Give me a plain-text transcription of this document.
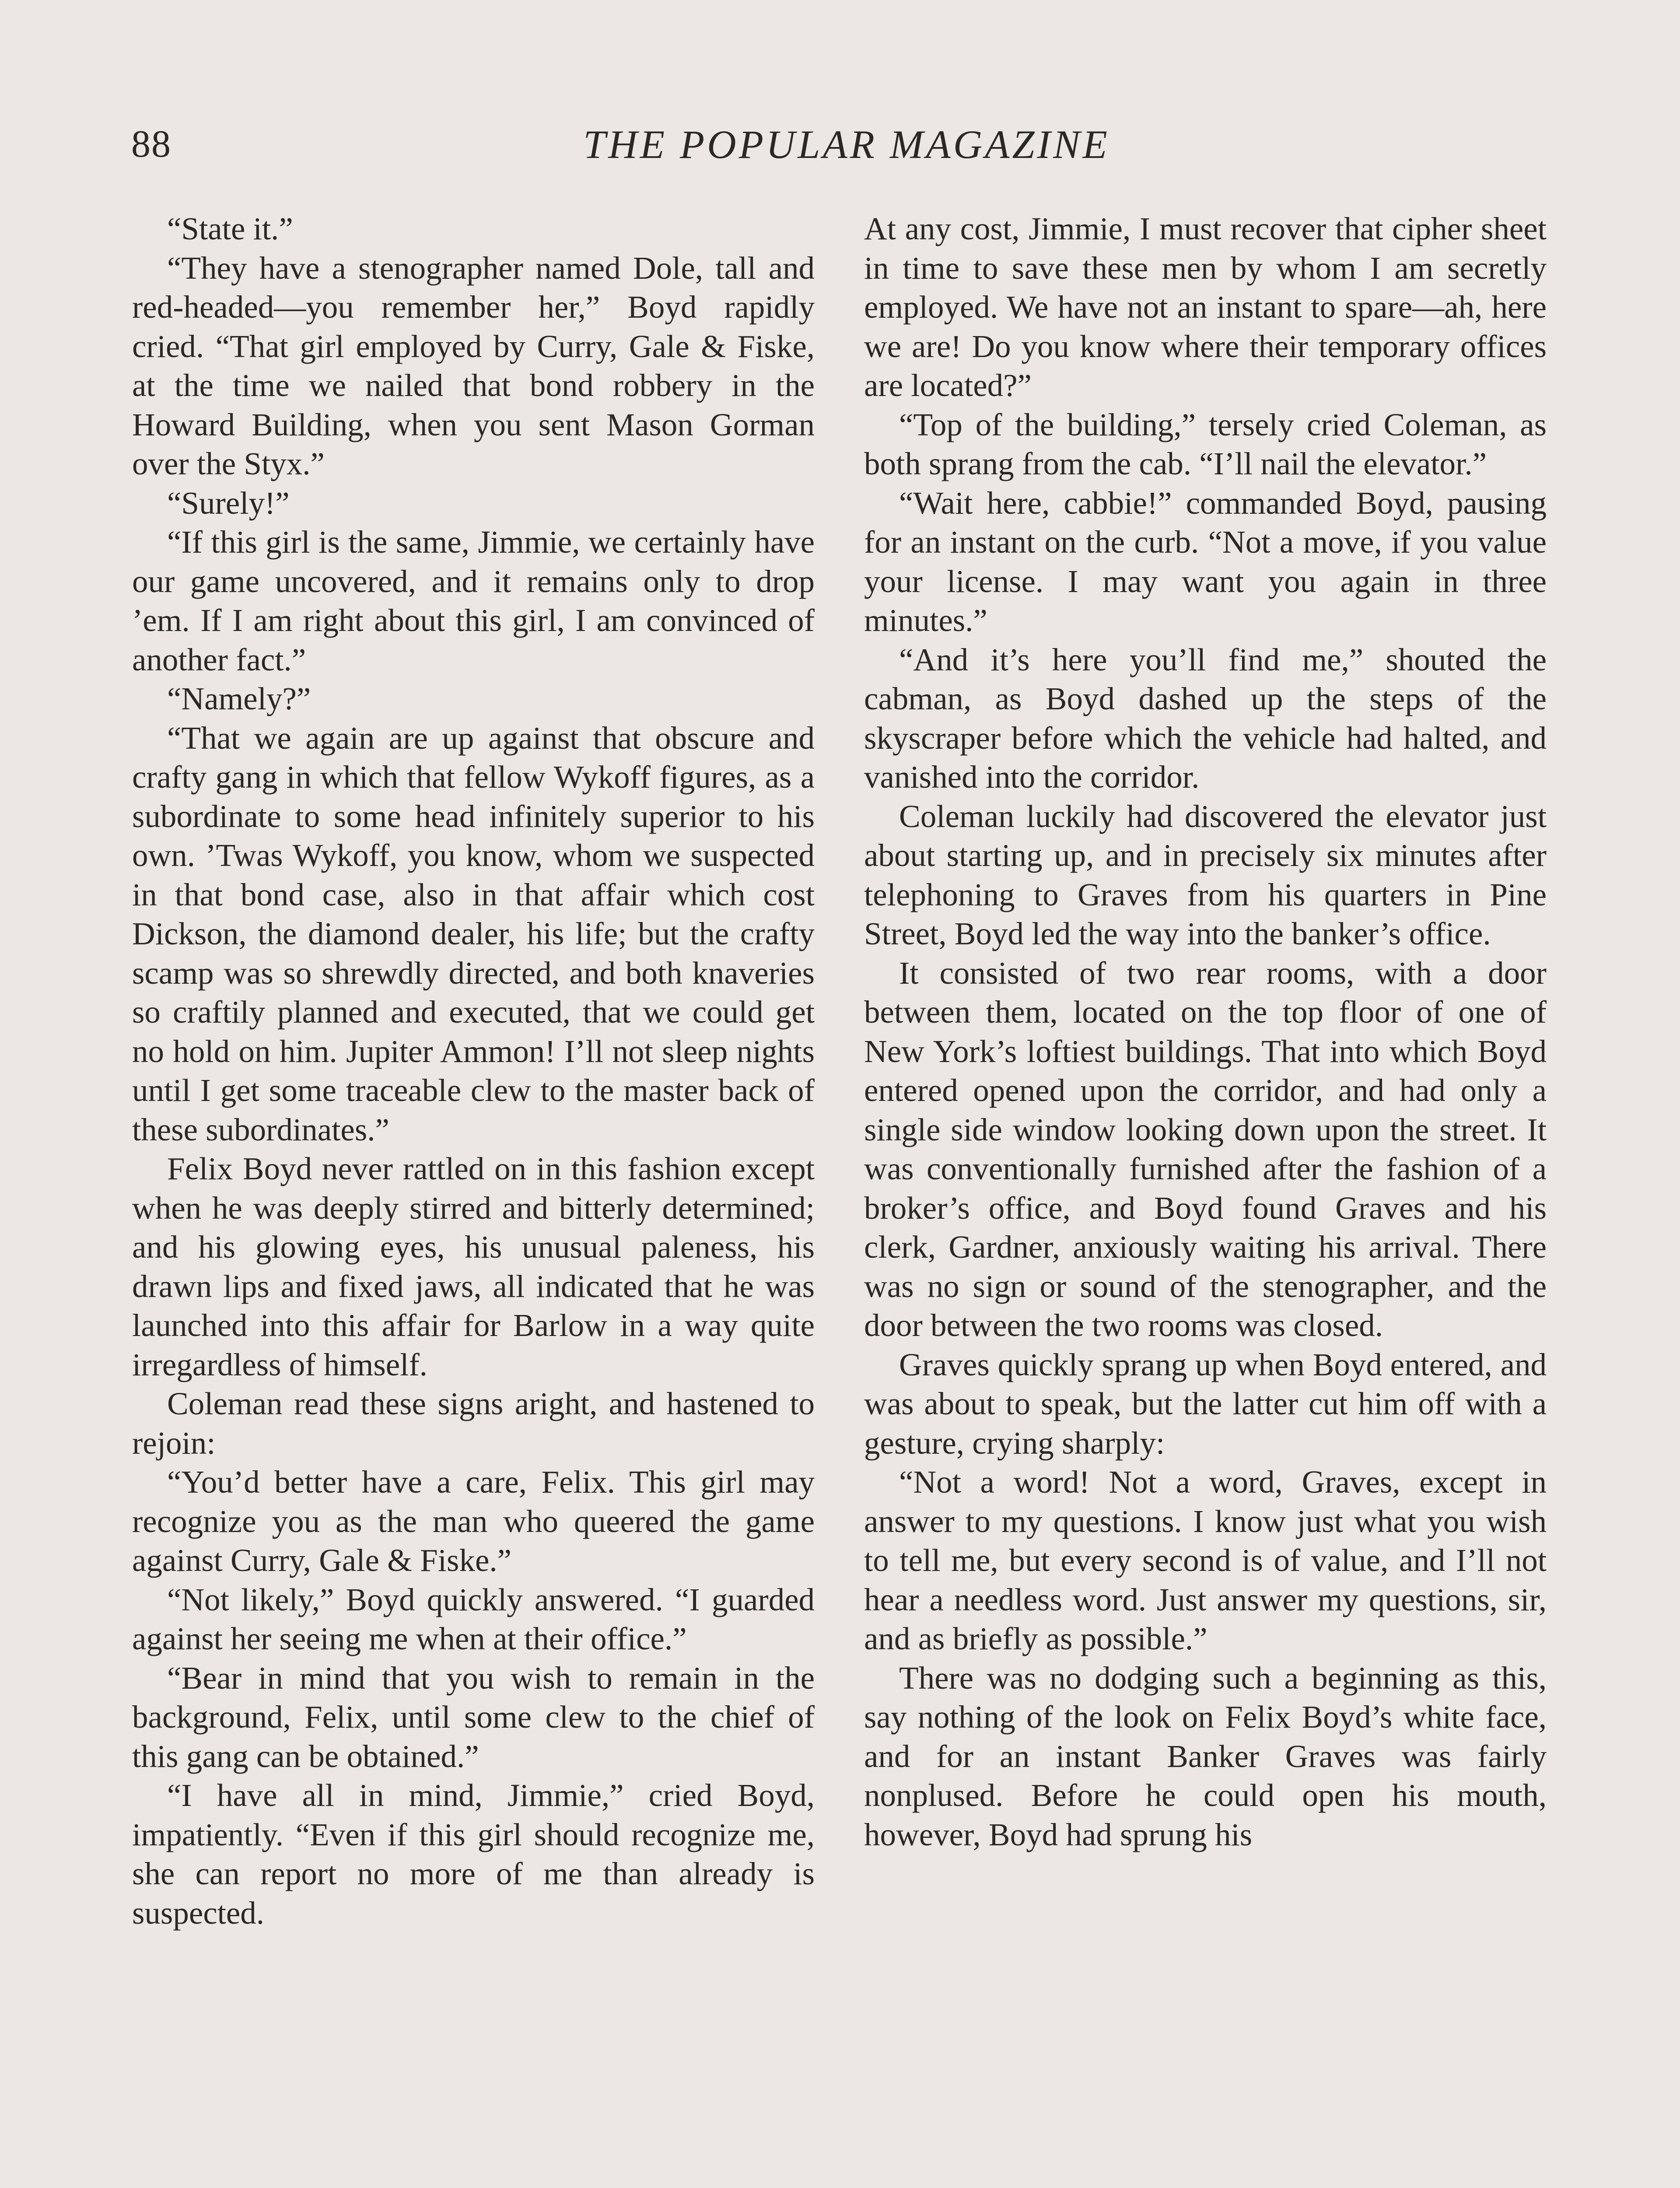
88	THE POPULAR MAGAZINE

“State it.”

“They have a stenographer named Dole, tall and red-headed—you remember her,” Boyd rapidly cried. “That girl employed by Curry, Gale & Fiske, at the time we nailed that bond robbery in the Howard Building, when you sent Mason Gorman over the Styx.”

“Surely!”

“If this girl is the same, Jimmie, we certainly have our game uncovered, and it remains only to drop ’em. If I am right about this girl, I am convinced of another fact.”

“Namely?”

“That we again are up against that obscure and crafty gang in which that fellow Wykoff figures, as a subordinate to some head infinitely superior to his own. ’Twas Wykoff, you know, whom we suspected in that bond case, also in that affair which cost Dickson, the diamond dealer, his life; but the crafty scamp was so shrewdly directed, and both knaveries so craftily planned and executed, that we could get no hold on him. Jupiter Ammon! I’ll not sleep nights until I get some traceable clew to the master back of these subordinates.”

Felix Boyd never rattled on in this fashion except when he was deeply stirred and bitterly determined; and his glowing eyes, his unusual paleness, his drawn lips and fixed jaws, all indicated that he was launched into this affair for Barlow in a way quite irregardless of himself.

Coleman read these signs aright, and hastened to rejoin:

“You’d better have a care, Felix. This girl may recognize you as the man who queered the game against Curry, Gale & Fiske.”

“Not likely,” Boyd quickly answered. “I guarded against her seeing me when at their office.”

“Bear in mind that you wish to remain in the background, Felix, until some clew to the chief of this gang can be obtained.”

“I have all in mind, Jimmie,” cried Boyd, impatiently. “Even if this girl should recognize me, she can report no more of me than already is suspected.

At any cost, Jimmie, I must recover that cipher sheet in time to save these men by whom I am secretly employed. We have not an instant to spare—ah, here we are! Do you know where their temporary offices are located?”

“Top of the building,” tersely cried Coleman, as both sprang from the cab. “I’ll nail the elevator.”

“Wait here, cabbie!” commanded Boyd, pausing for an instant on the curb. “Not a move, if you value your license. I may want you again in three minutes.”

“And it’s here you’ll find me,” shouted the cabman, as Boyd dashed up the steps of the skyscraper before which the vehicle had halted, and vanished into the corridor.

Coleman luckily had discovered the elevator just about starting up, and in precisely six minutes after telephoning to Graves from his quarters in Pine Street, Boyd led the way into the banker’s office.

It consisted of two rear rooms, with a door between them, located on the top floor of one of New York’s loftiest buildings. That into which Boyd entered opened upon the corridor, and had only a single side window looking down upon the street. It was conventionally furnished after the fashion of a broker’s office, and Boyd found Graves and his clerk, Gardner, anxiously waiting his arrival. There was no sign or sound of the stenographer, and the door between the two rooms was closed.

Graves quickly sprang up when Boyd entered, and was about to speak, but the latter cut him off with a gesture, crying sharply:

“Not a word! Not a word, Graves, except in answer to my questions. I know just what you wish to tell me, but every second is of value, and I’ll not hear a needless word. Just answer my questions, sir, and as briefly as possible.”

There was no dodging such a beginning as this, say nothing of the look on Felix Boyd’s white face, and for an instant Banker Graves was fairly nonplused. Before he could open his mouth, however, Boyd had sprung his
